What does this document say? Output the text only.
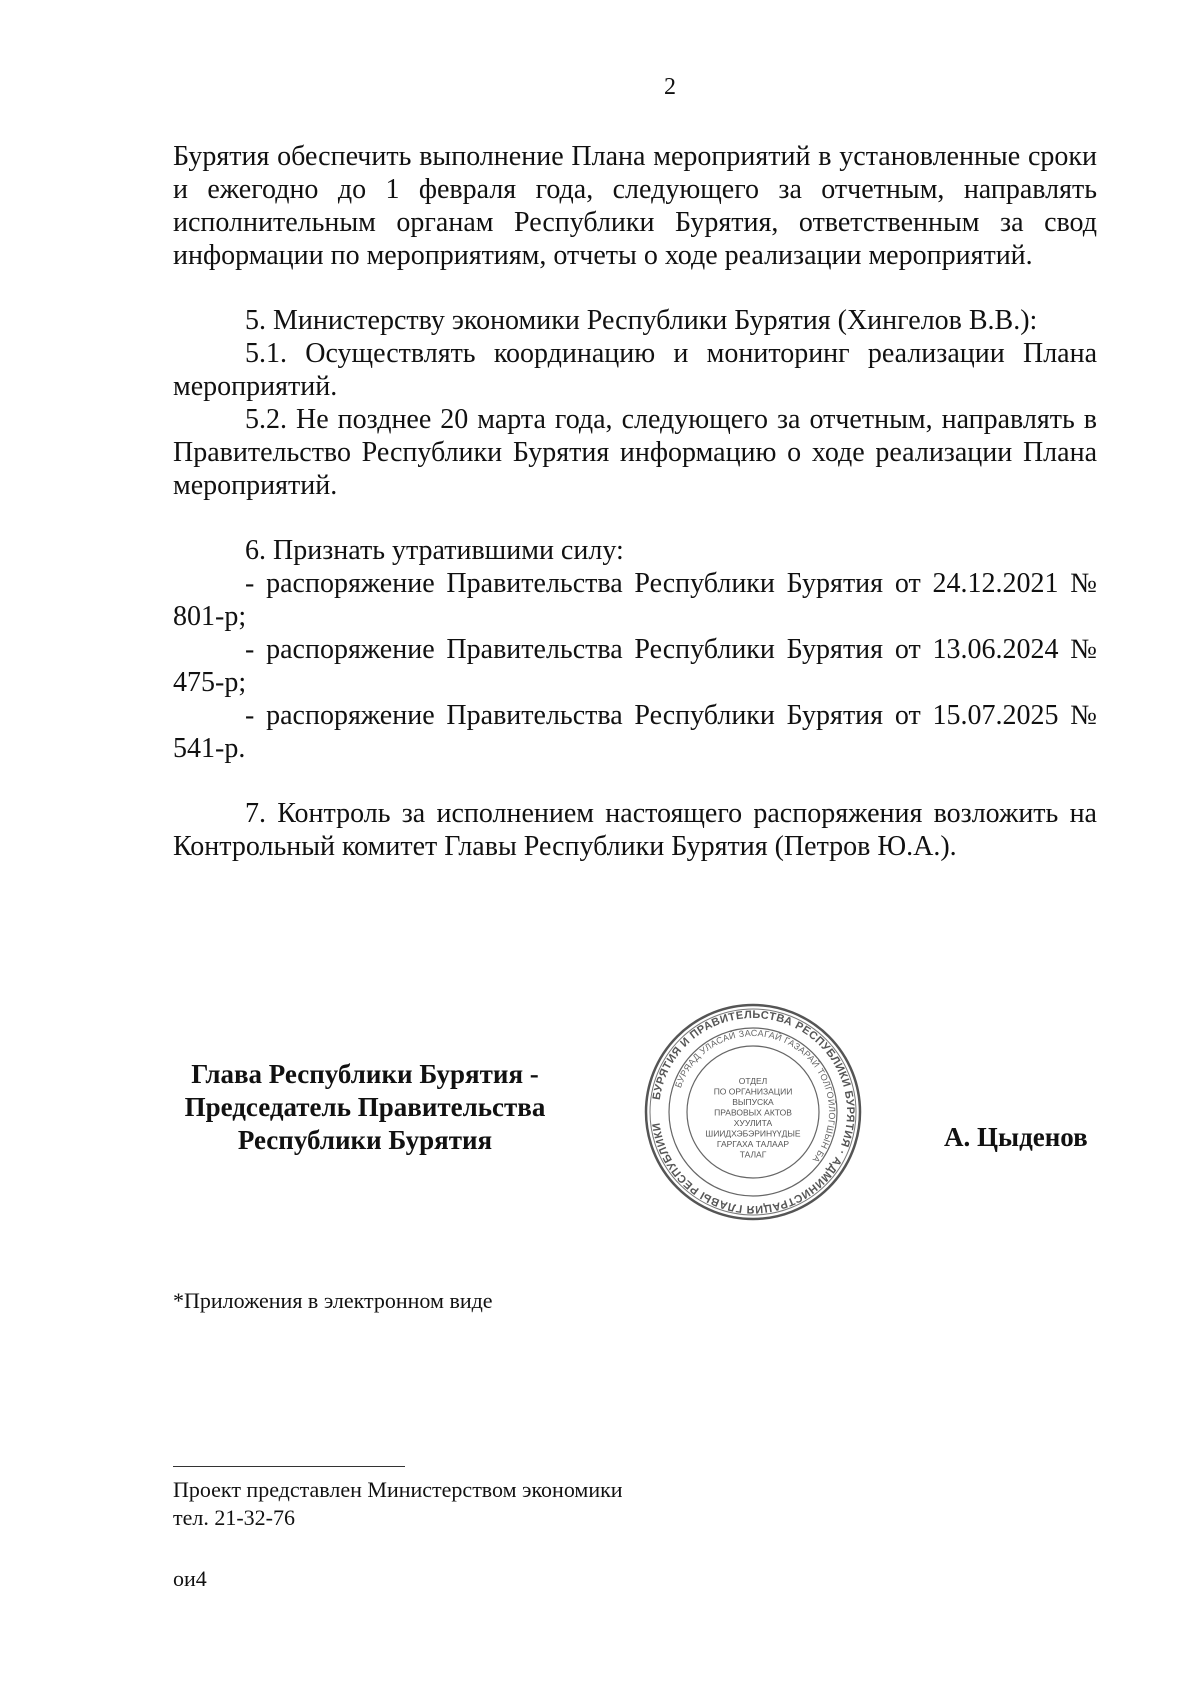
2

Бурятия обеспечить выполнение Плана мероприятий в установленные сроки и ежегодно до 1 февраля года, следующего за отчетным, направлять исполнительным органам Республики Бурятия, ответственным за свод информации по мероприятиям, отчеты о ходе реализации мероприятий.

5. Министерству экономики Республики Бурятия (Хингелов В.В.):

5.1. Осуществлять координацию и мониторинг реализации Плана мероприятий.

5.2. Не позднее 20 марта года, следующего за отчетным, направлять в Правительство Республики Бурятия информацию о ходе реализации Плана мероприятий.

6. Признать утратившими силу:

- распоряжение Правительства Республики Бурятия от 24.12.2021 № 801-р;

- распоряжение Правительства Республики Бурятия от 13.06.2024 № 475-р;

- распоряжение Правительства Республики Бурятия от 15.07.2025 № 541-р.

7. Контроль за исполнением настоящего распоряжения возложить на Контрольный комитет Главы Республики Бурятия (Петров Ю.А.).

Глава Республики Бурятия -
Председатель Правительства
Республики Бурятия
БУРЯТИЯ И ПРАВИТЕЛЬСТВА РЕСПУБЛИКИ БУРЯТИЯ · АДМИНИСТРАЦИЯ ГЛАВЫ РЕСПУБЛИКИ
БУРЯАД УЛАСАЙ ЗАСАГАЙ ГАЗАРАЙ ТОЛГОЙЛОГШЫН БА
ОТДЕЛ
ПО ОРГАНИЗАЦИИ
ВЫПУСКА
ПРАВОВЫХ АКТОВ
ХУУЛИТА
ШИИДХЭБЭРИНҮҮДЫЕ
ГАРГАХА ТАЛААР
ТАЛАГ
А. Цыденов
*Приложения в электронном виде
Проект представлен Министерством экономики
тел. 21-32-76
ои4
